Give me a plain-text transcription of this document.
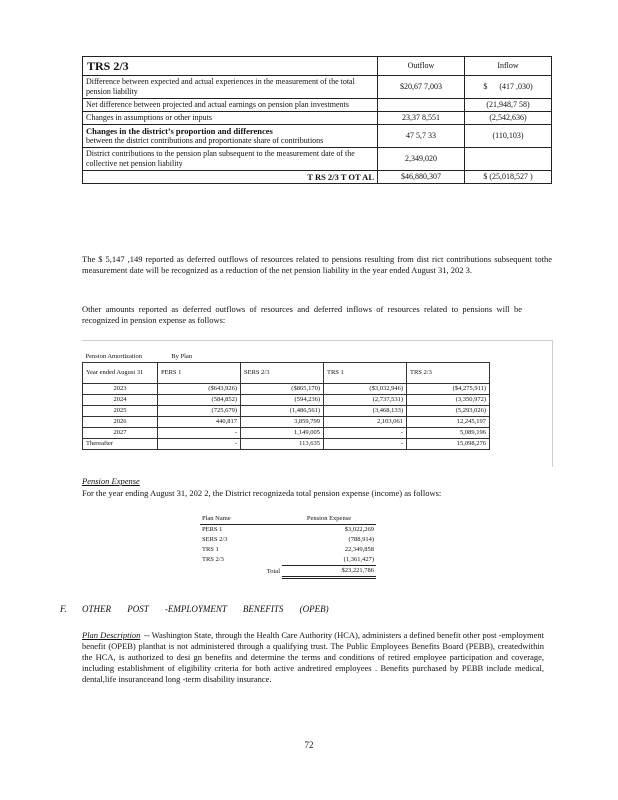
TRS 2/3	Outflow	Inflow
Difference between expected and actual experiences in the measurement of the total pension liability	$20,67 7,003	$ (417 ,030)
Net difference between projected and actual earnings on pension plan investments		(21,948,7 58)
Changes in assumptions or other inputs	23,37 8,551	(2,542,636)

Changes in the district’s proportion and differences
between the district contributions and proportionate share of contributions	47 5,7 33	(110,103)
District contributions to the pension plan subsequent to the measurement date of the collective net pension liability	2,349,020	
T RS 2/3 T OT AL	$46,880,307	$ (25,018,527 )

The $ 5,147 ,149 reported as deferred outflows of resources related to pensions resulting from dist rict contributions subsequent tothe measurement date will be recognized as a reduction of the net pension liability in the year ended August 31, 202 3.

Other amounts reported as deferred outflows of resources and deferred inflows of resources related to pensions will be recognized in pension expense as follows:

Pension Amortization By Plan				
Year ended August 31	PERS 1	SERS 2/3	TRS 1	TRS 2/3
2023	($643,926)	($865,170)	($3,032,946)	($4,275,911)
2024	(584,852)	(594,236)	(2,737,531)	(3,350,972)
2025	(725,679)	(1,486,561)	(3,468,133)	(5,293,026)
2026	440,817	3,859,799	2,103,061	12,245,197
2027	-	1,149,005	-	5,089,196
Thereafter	-	113,635	-	15,098,276
Pension Expense

For the year ending August 31, 202 2, the District recognizeda total pension expense (income) as follows:

Plan Name	Pension Expense
PERS 1	$3,022,269
SERS 2/3	(788,914)
TRS 1	22,349,858
TRS 2/3	(1,361,427)
Total	$23,221,786
F. OTHER POST -EMPLOYMENT BENEFITS (OPEB)
Plan Description -- Washington State, through the Health Care Authority (HCA), administers a defined benefit other post -employment benefit (OPEB) planthat is not administered through a qualifying trust. The Public Employees Benefits Board (PEBB), createdwithin the HCA, is authorized to desi gn benefits and determine the terms and conditions of retired employee participation and coverage, including establishment of eligibility criteria for both active andretired employees . Benefits purchased by PEBB include medical, dental,life insuranceand long -term disability insurance.

72
